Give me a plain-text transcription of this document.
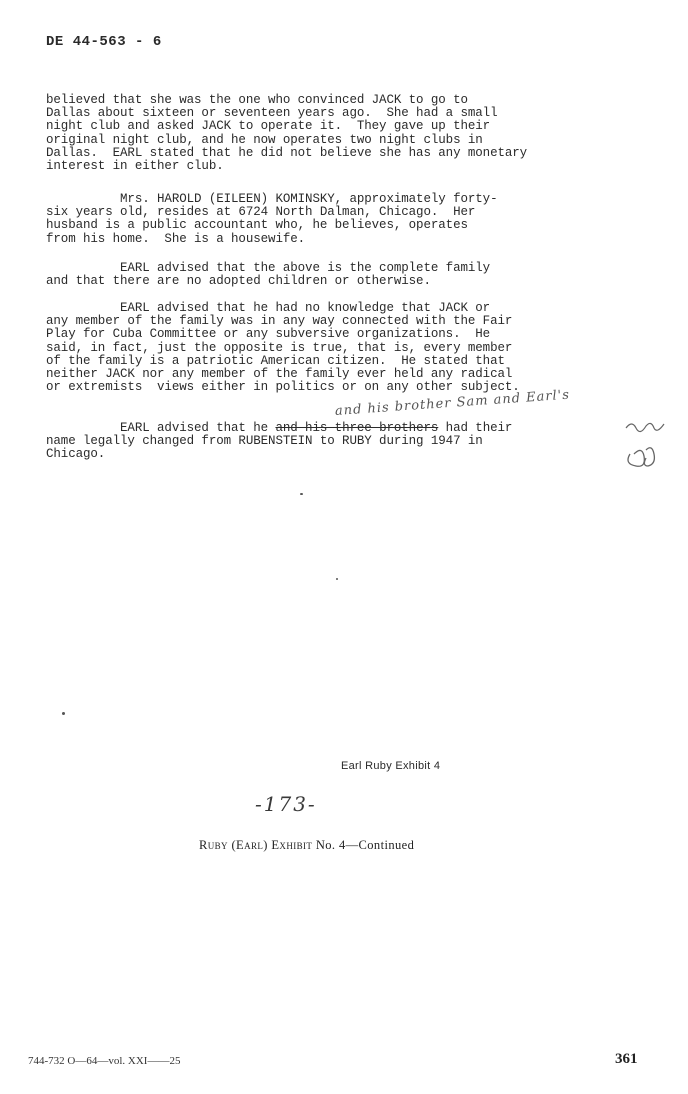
DE 44-563 - 6
believed that she was the one who convinced JACK to go to
Dallas about sixteen or seventeen years ago.  She had a small
night club and asked JACK to operate it.  They gave up their
original night club, and he now operates two night clubs in
Dallas.  EARL stated that he did not believe she has any monetary
interest in either club.
Mrs. HAROLD (EILEEN) KOMINSKY, approximately forty-
six years old, resides at 6724 North Dalman, Chicago.  Her
husband is a public accountant who, he believes, operates
from his home.  She is a housewife.
EARL advised that the above is the complete family
and that there are no adopted children or otherwise.
EARL advised that he had no knowledge that JACK or
any member of the family was in any way connected with the Fair
Play for Cuba Committee or any subversive organizations.  He
said, in fact, just the opposite is true, that is, every member
of the family is a patriotic American citizen.  He stated that
neither JACK nor any member of the family ever held any radical
or extremists  views either in politics or on any other subject.
EARL advised that he and his three brothers had their
name legally changed from RUBENSTEIN to RUBY during 1947 in
Chicago.
and his brother Sam and Earl's
Earl Ruby Exhibit 4
-173-
Ruby (Earl) Exhibit No. 4—Continued
744-732 O—64—vol. XXI——25	361
